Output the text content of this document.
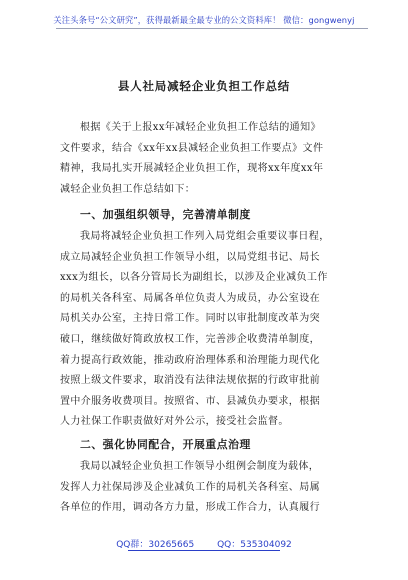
关注头条号“公文研究”，获得最新最全最专业的公文资料库！ 微信：gongwenyj
县人社局减轻企业负担工作总结
根据《关于上报xx年减轻企业负担工作总结的通知》
文件要求，结合《xx年xx县减轻企业负担工作要点》文件
精神，我局扎实开展减轻企业负担工作，现将xx年度xx年
减轻企业负担工作总结如下：
一、加强组织领导，完善清单制度
我局将减轻企业负担工作列入局党组会重要议事日程，
成立局减轻企业负担工作领导小组，以局党组书记、局长
xxx为组长，以各分管局长为副组长，以涉及企业减负工作
的局机关各科室、局属各单位负责人为成员，办公室设在
局机关办公室，主持日常工作。同时以审批制度改革为突
破口，继续做好简政放权工作，完善涉企收费清单制度，
着力提高行政效能，推动政府治理体系和治理能力现代化
按照上级文件要求，取消没有法律法规依据的行政审批前
置中介服务收费项目。按照省、市、县减负办要求，根据
人力社保工作职责做好对外公示，接受社会监督。
二、强化协同配合，开展重点治理
我局以减轻企业负担工作领导小组例会制度为载体，
发挥人力社保局涉及企业减负工作的局机关各科室、局属
各单位的作用，调动各方力量，形成工作合力，认真履行
QQ群：30265665	QQ：535304092
